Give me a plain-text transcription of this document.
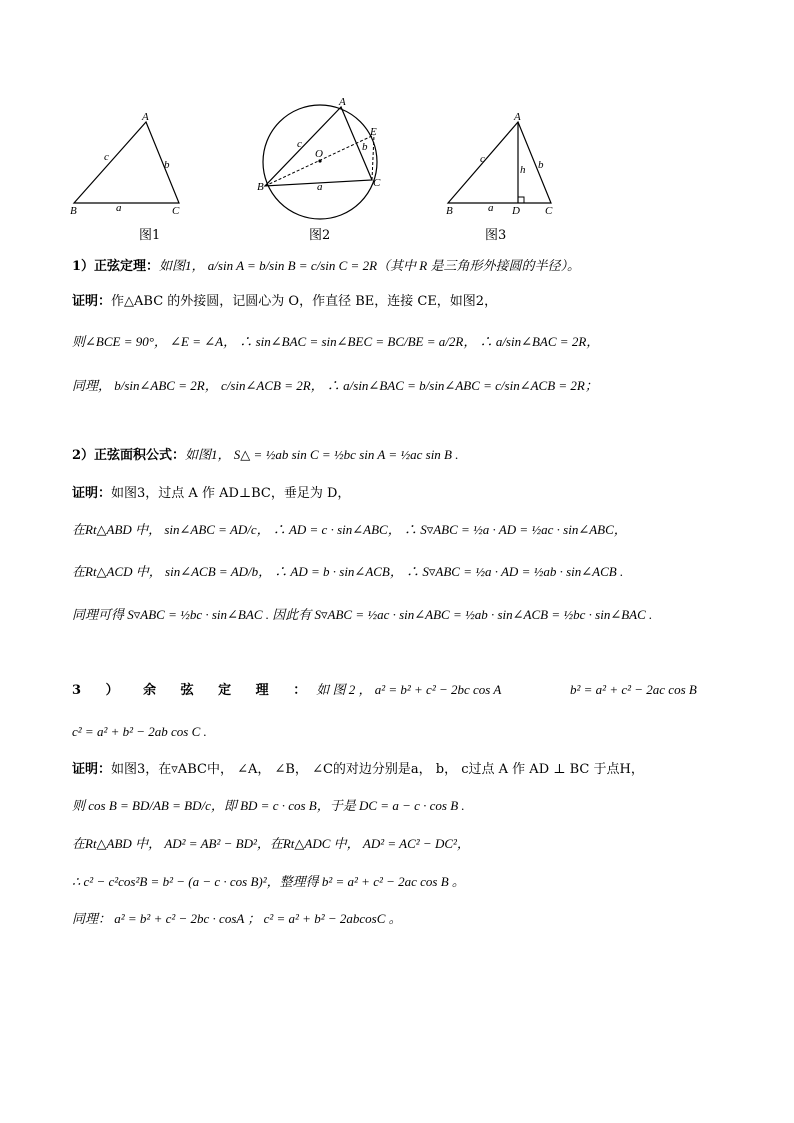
A
B	C
c
b
a
图1
A
E
O
c	b
B	C
a
图2
A
c
h b
B	a D C
图3
1）正弦定理：如图1， a/sin A = b/sin B = c/sin C = 2R（其中 R 是三角形外接圆的半径）。
证明：作△ABC 的外接圆，记圆心为 O，作直径 BE，连接 CE，如图2，
则∠BCE = 90°， ∠E = ∠A， ∴ sin∠BAC = sin∠BEC = BC/BE = a/2R， ∴ a/sin∠BAC = 2R，
同理， b/sin∠ABC = 2R， c/sin∠ACB = 2R， ∴ a/sin∠BAC = b/sin∠ABC = c/sin∠ACB = 2R；
2）正弦面积公式：如图1， S△ = ½ab sin C = ½bc sin A = ½ac sin B .
证明：如图3，过点 A 作 AD⊥BC，垂足为 D，
在Rt△ABD 中， sin∠ABC = AD/c， ∴ AD = c · sin∠ABC， ∴ S▿ABC = ½a · AD = ½ac · sin∠ABC，
在Rt△ACD 中， sin∠ACB = AD/b， ∴ AD = b · sin∠ACB， ∴ S▿ABC = ½a · AD = ½ab · sin∠ACB .
同理可得 S▿ABC = ½bc · sin∠BAC . 因此有 S▿ABC = ½ac · sin∠ABC = ½ab · sin∠ACB = ½bc · sin∠BAC .
3 ） 余 弦 定 理 ：如 图 2 ， a² = b² + c² − 2bc cos A	b² = a² + c² − 2ac cos B
c² = a² + b² − 2ab cos C .
证明：如图3，在▿ABC中， ∠A， ∠B， ∠C的对边分别是a， b， c过点 A 作 AD ⊥ BC 于点H，
则 cos B = BD/AB = BD/c，即 BD = c · cos B，于是 DC = a − c · cos B .
在Rt△ABD 中， AD² = AB² − BD²，在Rt△ADC 中， AD² = AC² − DC²，
∴ c² − c²cos²B = b² − (a − c · cos B)²，整理得 b² = a² + c² − 2ac cos B 。
同理： a² = b² + c² − 2bc · cosA ； c² = a² + b² − 2abcosC 。
